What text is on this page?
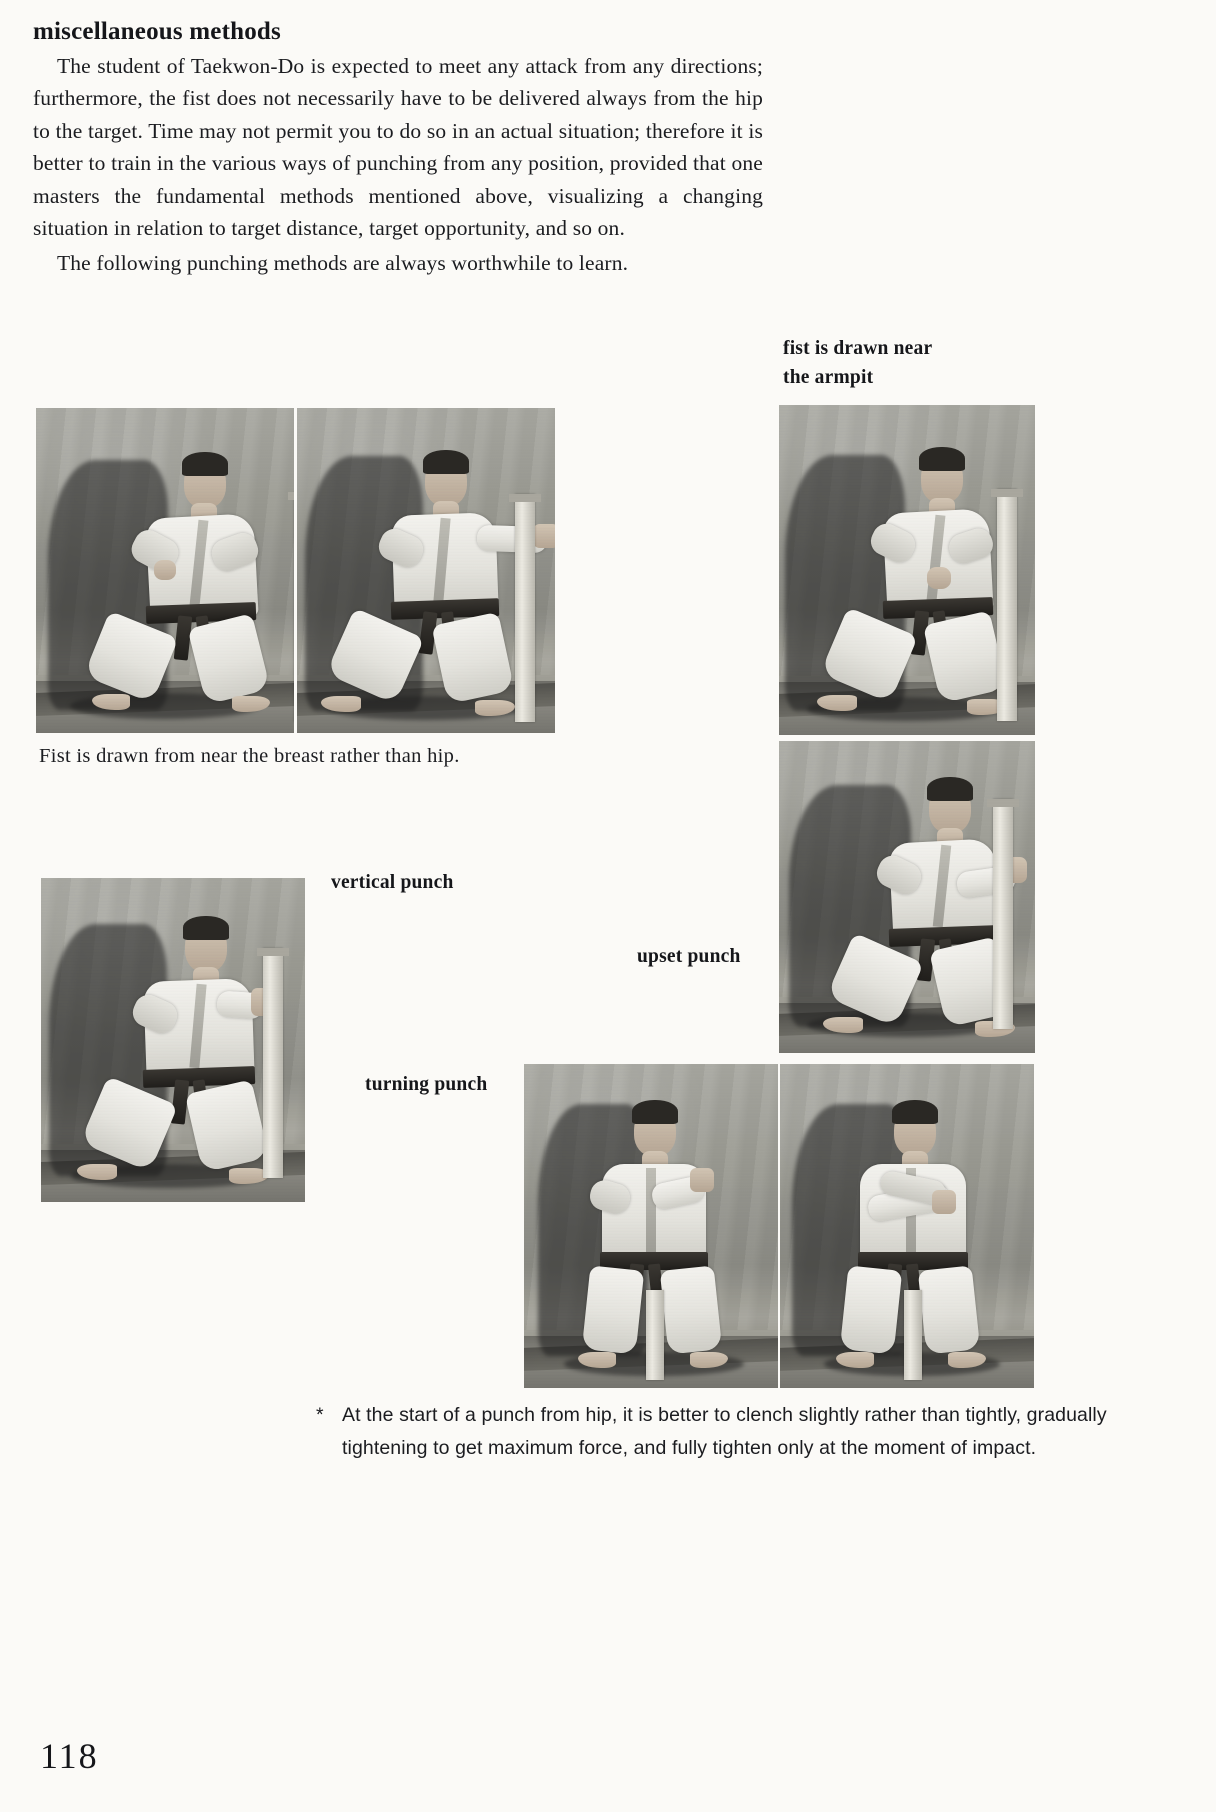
miscellaneous methods

The student of Taekwon-Do is expected to meet any attack from any directions; furthermore, the fist does not necessarily have to be delivered always from the hip to the target. Time may not permit you to do so in an actual situation; therefore it is better to train in the various ways of punching from any position, provided that one masters the fundamental methods mentioned above, visualizing a changing situation in relation to target distance, target opportunity, and so on.

The following punching methods are always worthwhile to learn.

fist is drawn near
the armpit
Fist is drawn from near the breast rather than hip.
vertical punch
upset punch
turning punch
* At the start of a punch from hip, it is better to clench slightly rather than tightly, gradually tightening to get maximum force, and fully tighten only at the moment of impact.
118
